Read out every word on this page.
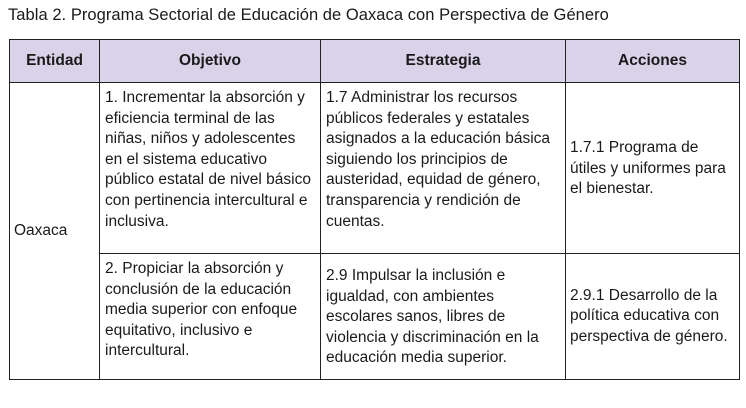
Tabla 2. Programa Sectorial de Educación de Oaxaca con Perspectiva de Género
Entidad	Objetivo	Estrategia	Acciones
Oaxaca	1. Incrementar la absorción y eficiencia terminal de las niñas, niños y adolescentes en el sistema educativo público estatal de nivel básico con pertinencia intercultural e inclusiva.	1.7 Administrar los recursos públicos federales y estatales asignados a la educación básica siguiendo los principios de austeridad, equidad de género, transparencia y rendición de cuentas.	1.7.1 Programa de útiles y uniformes para el bienestar.
	2. Propiciar la absorción y conclusión de la educación media superior con enfoque equitativo, inclusivo e intercultural.	2.9 Impulsar la inclusión e igualdad, con ambientes escolares sanos, libres de violencia y discriminación en la educación media superior.	2.9.1 Desarrollo de la política educativa con perspectiva de género.
